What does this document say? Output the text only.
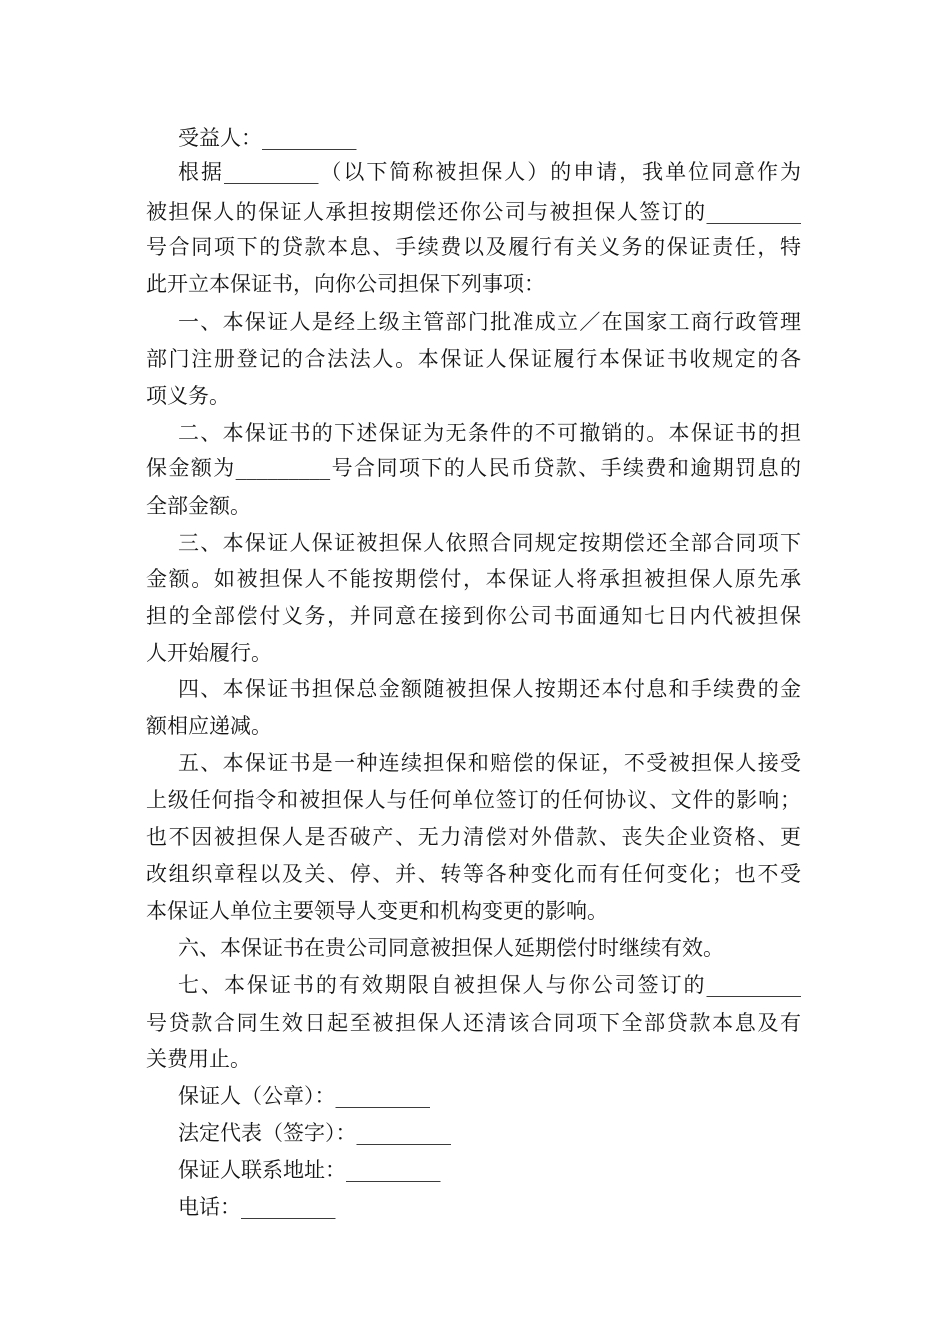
受益人：_________
根据_________（以下简称被担保人）的申请，我单位同意作为
被担保人的保证人承担按期偿还你公司与被担保人签订的_________
号合同项下的贷款本息、手续费以及履行有关义务的保证责任，特
此开立本保证书，向你公司担保下列事项：
一、本保证人是经上级主管部门批准成立／在国家工商行政管理
部门注册登记的合法法人。本保证人保证履行本保证书收规定的各
项义务。
二、本保证书的下述保证为无条件的不可撤销的。本保证书的担
保金额为_________号合同项下的人民币贷款、手续费和逾期罚息的
全部金额。
三、本保证人保证被担保人依照合同规定按期偿还全部合同项下
金额。如被担保人不能按期偿付，本保证人将承担被担保人原先承
担的全部偿付义务，并同意在接到你公司书面通知七日内代被担保
人开始履行。
四、本保证书担保总金额随被担保人按期还本付息和手续费的金
额相应递减。
五、本保证书是一种连续担保和赔偿的保证，不受被担保人接受
上级任何指令和被担保人与任何单位签订的任何协议、文件的影响；
也不因被担保人是否破产、无力清偿对外借款、丧失企业资格、更
改组织章程以及关、停、并、转等各种变化而有任何变化；也不受
本保证人单位主要领导人变更和机构变更的影响。
六、本保证书在贵公司同意被担保人延期偿付时继续有效。
七、本保证书的有效期限自被担保人与你公司签订的_________
号贷款合同生效日起至被担保人还清该合同项下全部贷款本息及有
关费用止。
保证人（公章）：_________
法定代表（签字）：_________
保证人联系地址：_________
电话：_________
